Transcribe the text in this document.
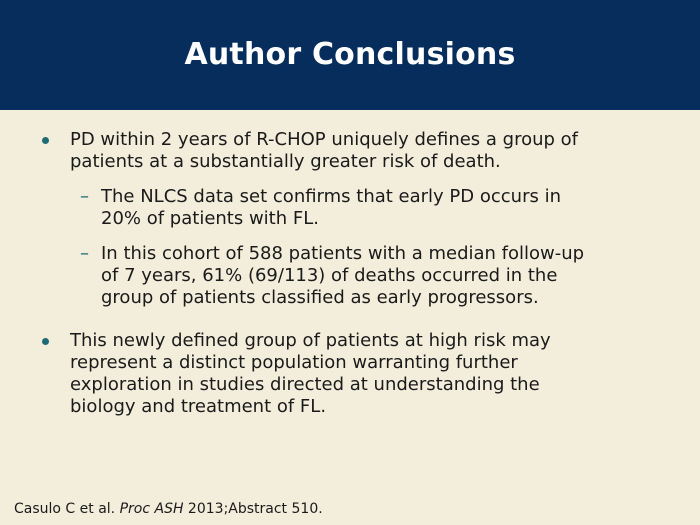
Author Conclusions
PD within 2 years of R-CHOP uniquely defines a group of
patients at a substantially greater risk of death.
– The NLCS data set confirms that early PD occurs in
20% of patients with FL.
– In this cohort of 588 patients with a median follow-up
of 7 years, 61% (69/113) of deaths occurred in the
group of patients classified as early progressors.
This newly defined group of patients at high risk may
represent a distinct population warranting further
exploration in studies directed at understanding the
biology and treatment of FL.
Casulo C et al. Proc ASH 2013;Abstract 510.
